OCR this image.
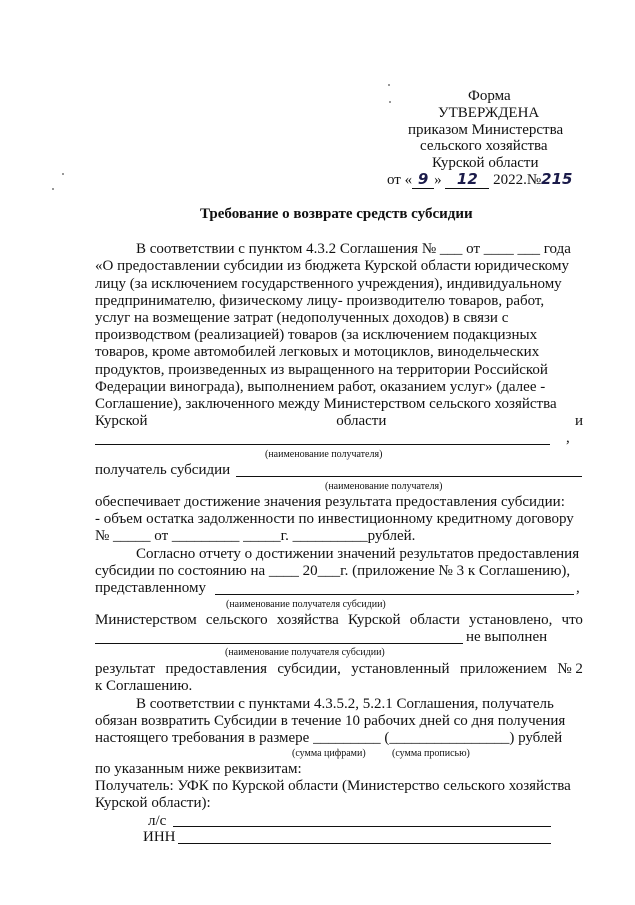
Форма
УТВЕРЖДЕНА
приказом Министерства
сельского хозяйства
Курской области
от « 9 » 12 2022.№215
Требование о возврате средств субсидии
В соответствии с пунктом 4.3.2 Соглашения № ___ от ____ ___ года
«О предоставлении субсидии из бюджета Курской области юридическому
лицу (за исключением государственного учреждения), индивидуальному
предпринимателю, физическому лицу- производителю товаров, работ,
услуг на возмещение затрат (недополученных доходов) в связи с
производством (реализацией) товаров (за исключением подакцизных
товаров, кроме автомобилей легковых и мотоциклов, винодельческих
продуктов, произведенных из выращенного на территории Российской
Федерации винограда), выполнением работ, оказанием услуг» (далее -
Соглашение), заключенного между Министерством сельского хозяйства
Курской	области	и
,
(наименование получателя)
получатель субсидии
(наименование получателя)
обеспечивает достижение значения результата предоставления субсидии:
- объем остатка задолженности по инвестиционному кредитному договору
№ _____ от _________ _____г. __________рублей.
Согласно отчету о достижении значений результатов предоставления
субсидии по состоянию на ____ 20___г. (приложение № 3 к Соглашению),
представленному	,
(наименование получателя субсидии)
Министерством сельского хозяйства Курской области установлено, что
не выполнен
(наименование получателя субсидии)
результат предоставления субсидии, установленный приложением № 2
к Соглашению.
В соответствии с пунктами 4.3.5.2, 5.2.1 Соглашения, получатель
обязан возвратить Субсидии в течение 10 рабочих дней со дня получения
настоящего требования в размере _________ (________________) рублей
(сумма цифрами)	(сумма прописью)
по указанным ниже реквизитам:
Получатель: УФК по Курской области (Министерство сельского хозяйства
Курской области):
л/с
ИНН
